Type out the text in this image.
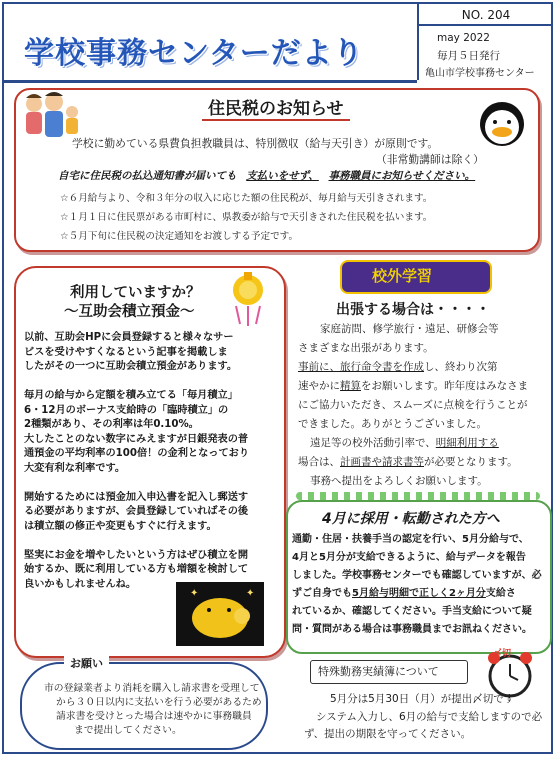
学校事務センターだより
NO. 204
may 2022
毎月５日発行
亀山市学校事務センター
住民税のお知らせ
学校に勤めている県費負担教職員は、特別徴収（給与天引き）が原則です。
（非常勤講師は除く）
自宅に住民税の払込通知書が届いても 支払いをせず、 事務職員にお知らせください。
☆６月給与より、令和３年分の収入に応じた額の住民税が、毎月給与天引きされます。
☆１月１日に住民票がある市町村に、県教委が給与で天引きされた住民税を払います。
☆５月下旬に住民税の決定通知をお渡しする予定です。
利用していますか？
～互助会積立預金～
以前、互助会HPに会員登録すると様々なサー
ビスを受けやすくなるという記事を掲載しま
したがその一つに互助会積立預金があります。
毎月の給与から定額を積み立てる「毎月積立」
6・12月のボーナス支給時の「臨時積立」の
2種類があり、その利率は年0.10%。
大したことのない数字にみえますが日銀発表の普
通預金の平均利率の100倍！の金利となっており
大変有利な利率です。
開始するためには預金加入申込書を記入し郵送す
る必要がありますが、会員登録していればその後
は積立額の修正や変更もすぐに行えます。
堅実にお金を増やしたいという方はぜひ積立を開
始するか、既に利用している方も増額を検討して
良いかもしれませんね。
✦	✦
校外学習
出張する場合は・・・・
家庭訪問、修学旅行・遠足、研修会等
さまざまな出張があります。
事前に、旅行命令書を作成し、終わり次第
速やかに精算をお願いします。昨年度はみなさま
にご協力いただき、スムーズに点検を行うことが
できました。ありがとうございました。
遠足等の校外活動引率で、明細利用する
場合は、計画書や請求書等が必要となります。
事務へ提出をよろしくお願いします。
4月に採用・転勤された方へ
通勤・住居・扶養手当の認定を行い、5月分給与で、
4月と5月分が支給できるように、給与データを報告
しました。学校事務センターでも確認していますが、必
ずご自身でも5月給与明細で正しく2ヶ月分支給さ
れているか、確認してください。手当支給について疑
問・質問がある場合は事務職員までお訊ねください。
お願い
市の登録業者より消耗を購入し請求書を受理して
から３０日以内に支払いを行う必要があるため
請求書を受けとった場合は速やかに事務職員
まで提出してください。
特殊勤務実績簿について
〆切
5月分は5月30日（月）が提出〆切です
システム入力し、6月の給与で支給しますので必
ず、提出の期限を守ってください。
